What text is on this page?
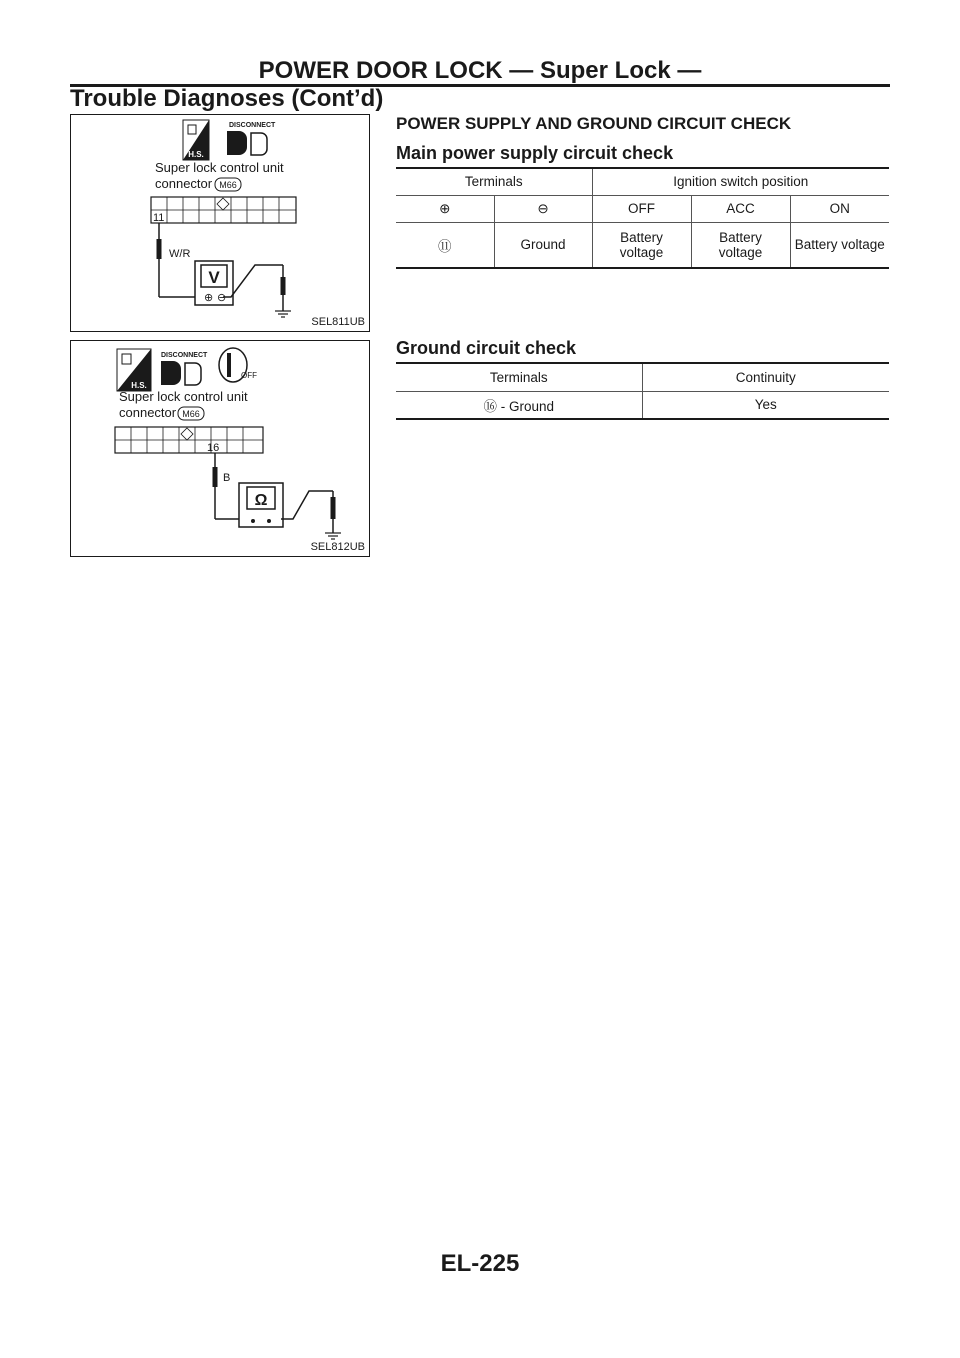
POWER DOOR LOCK — Super Lock —
Trouble Diagnoses (Cont’d)
H.S.
DISCONNECT
Super lock control unit
connector M66
11
W/R
V
⊕ ⊖
SEL811UB
H.S.
DISCONNECT
OFF
Super lock control unit
connector M66
16
B
Ω
SEL812UB
POWER SUPPLY AND GROUND CIRCUIT CHECK
Main power supply circuit check
Terminals		Ignition switch position		
⊕	⊖	OFF	ACC	ON
⑪	Ground	Battery voltage	Battery voltage	Battery voltage
Ground circuit check
Terminals	Continuity
⑯ - Ground	Yes
EL-225
